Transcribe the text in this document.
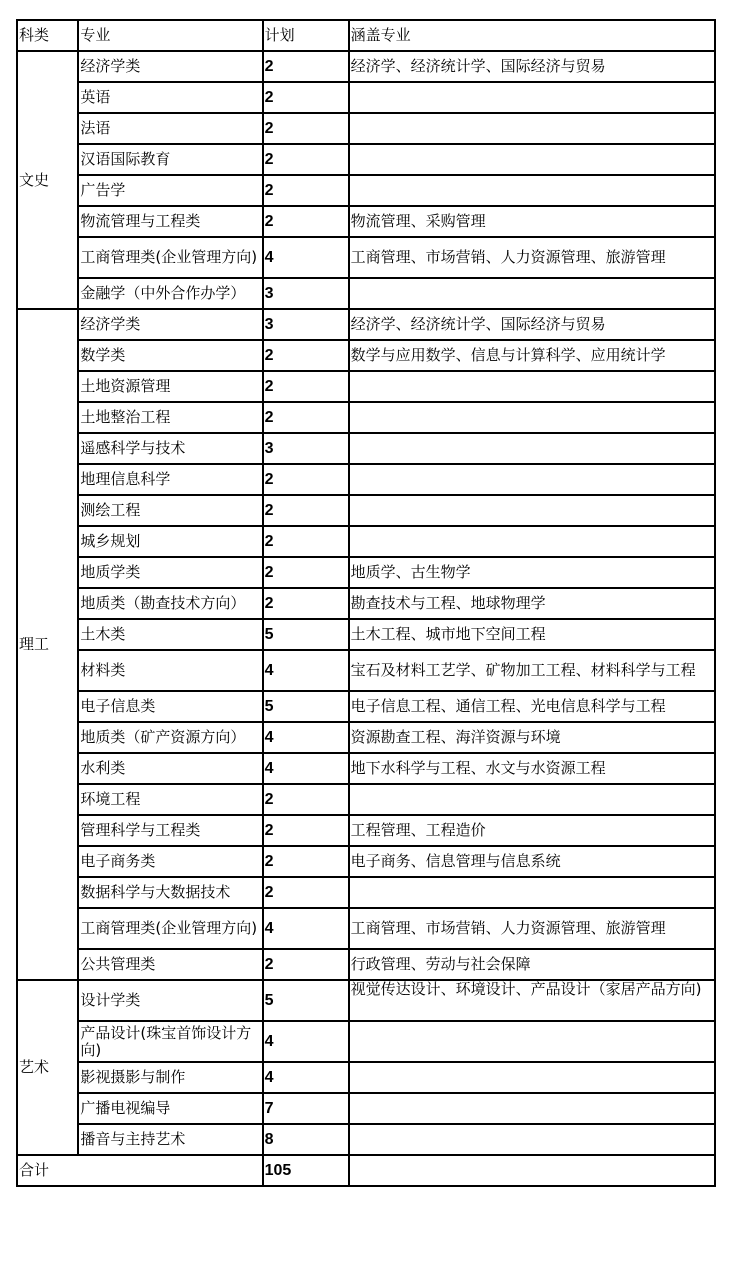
科类	专业	计划	涵盖专业
文史	经济学类	2	经济学、经济统计学、国际经济与贸易
	英语	2	
	法语	2	
	汉语国际教育	2	
	广告学	2	
	物流管理与工程类	2	物流管理、采购管理
	工商管理类(企业管理方向)	4	工商管理、市场营销、人力资源管理、旅游管理
	金融学（中外合作办学）	3	
理工	经济学类	3	经济学、经济统计学、国际经济与贸易
	数学类	2	数学与应用数学、信息与计算科学、应用统计学
	土地资源管理	2	
	土地整治工程	2	
	遥感科学与技术	3	
	地理信息科学	2	
	测绘工程	2	
	城乡规划	2	
	地质学类	2	地质学、古生物学
	地质类（勘查技术方向）	2	勘查技术与工程、地球物理学
	土木类	5	土木工程、城市地下空间工程
	材料类	4	宝石及材料工艺学、矿物加工工程、材料科学与工程
	电子信息类	5	电子信息工程、通信工程、光电信息科学与工程
	地质类（矿产资源方向）	4	资源勘查工程、海洋资源与环境
	水利类	4	地下水科学与工程、水文与水资源工程
	环境工程	2	
	管理科学与工程类	2	工程管理、工程造价
	电子商务类	2	电子商务、信息管理与信息系统
	数据科学与大数据技术	2	
	工商管理类(企业管理方向)	4	工商管理、市场营销、人力资源管理、旅游管理
	公共管理类	2	行政管理、劳动与社会保障
艺术	设计学类	5	视觉传达设计、环境设计、产品设计（家居产品方向)
	产品设计(珠宝首饰设计方向)	4	
	影视摄影与制作	4	
	广播电视编导	7	
	播音与主持艺术	8	
合计		105	
